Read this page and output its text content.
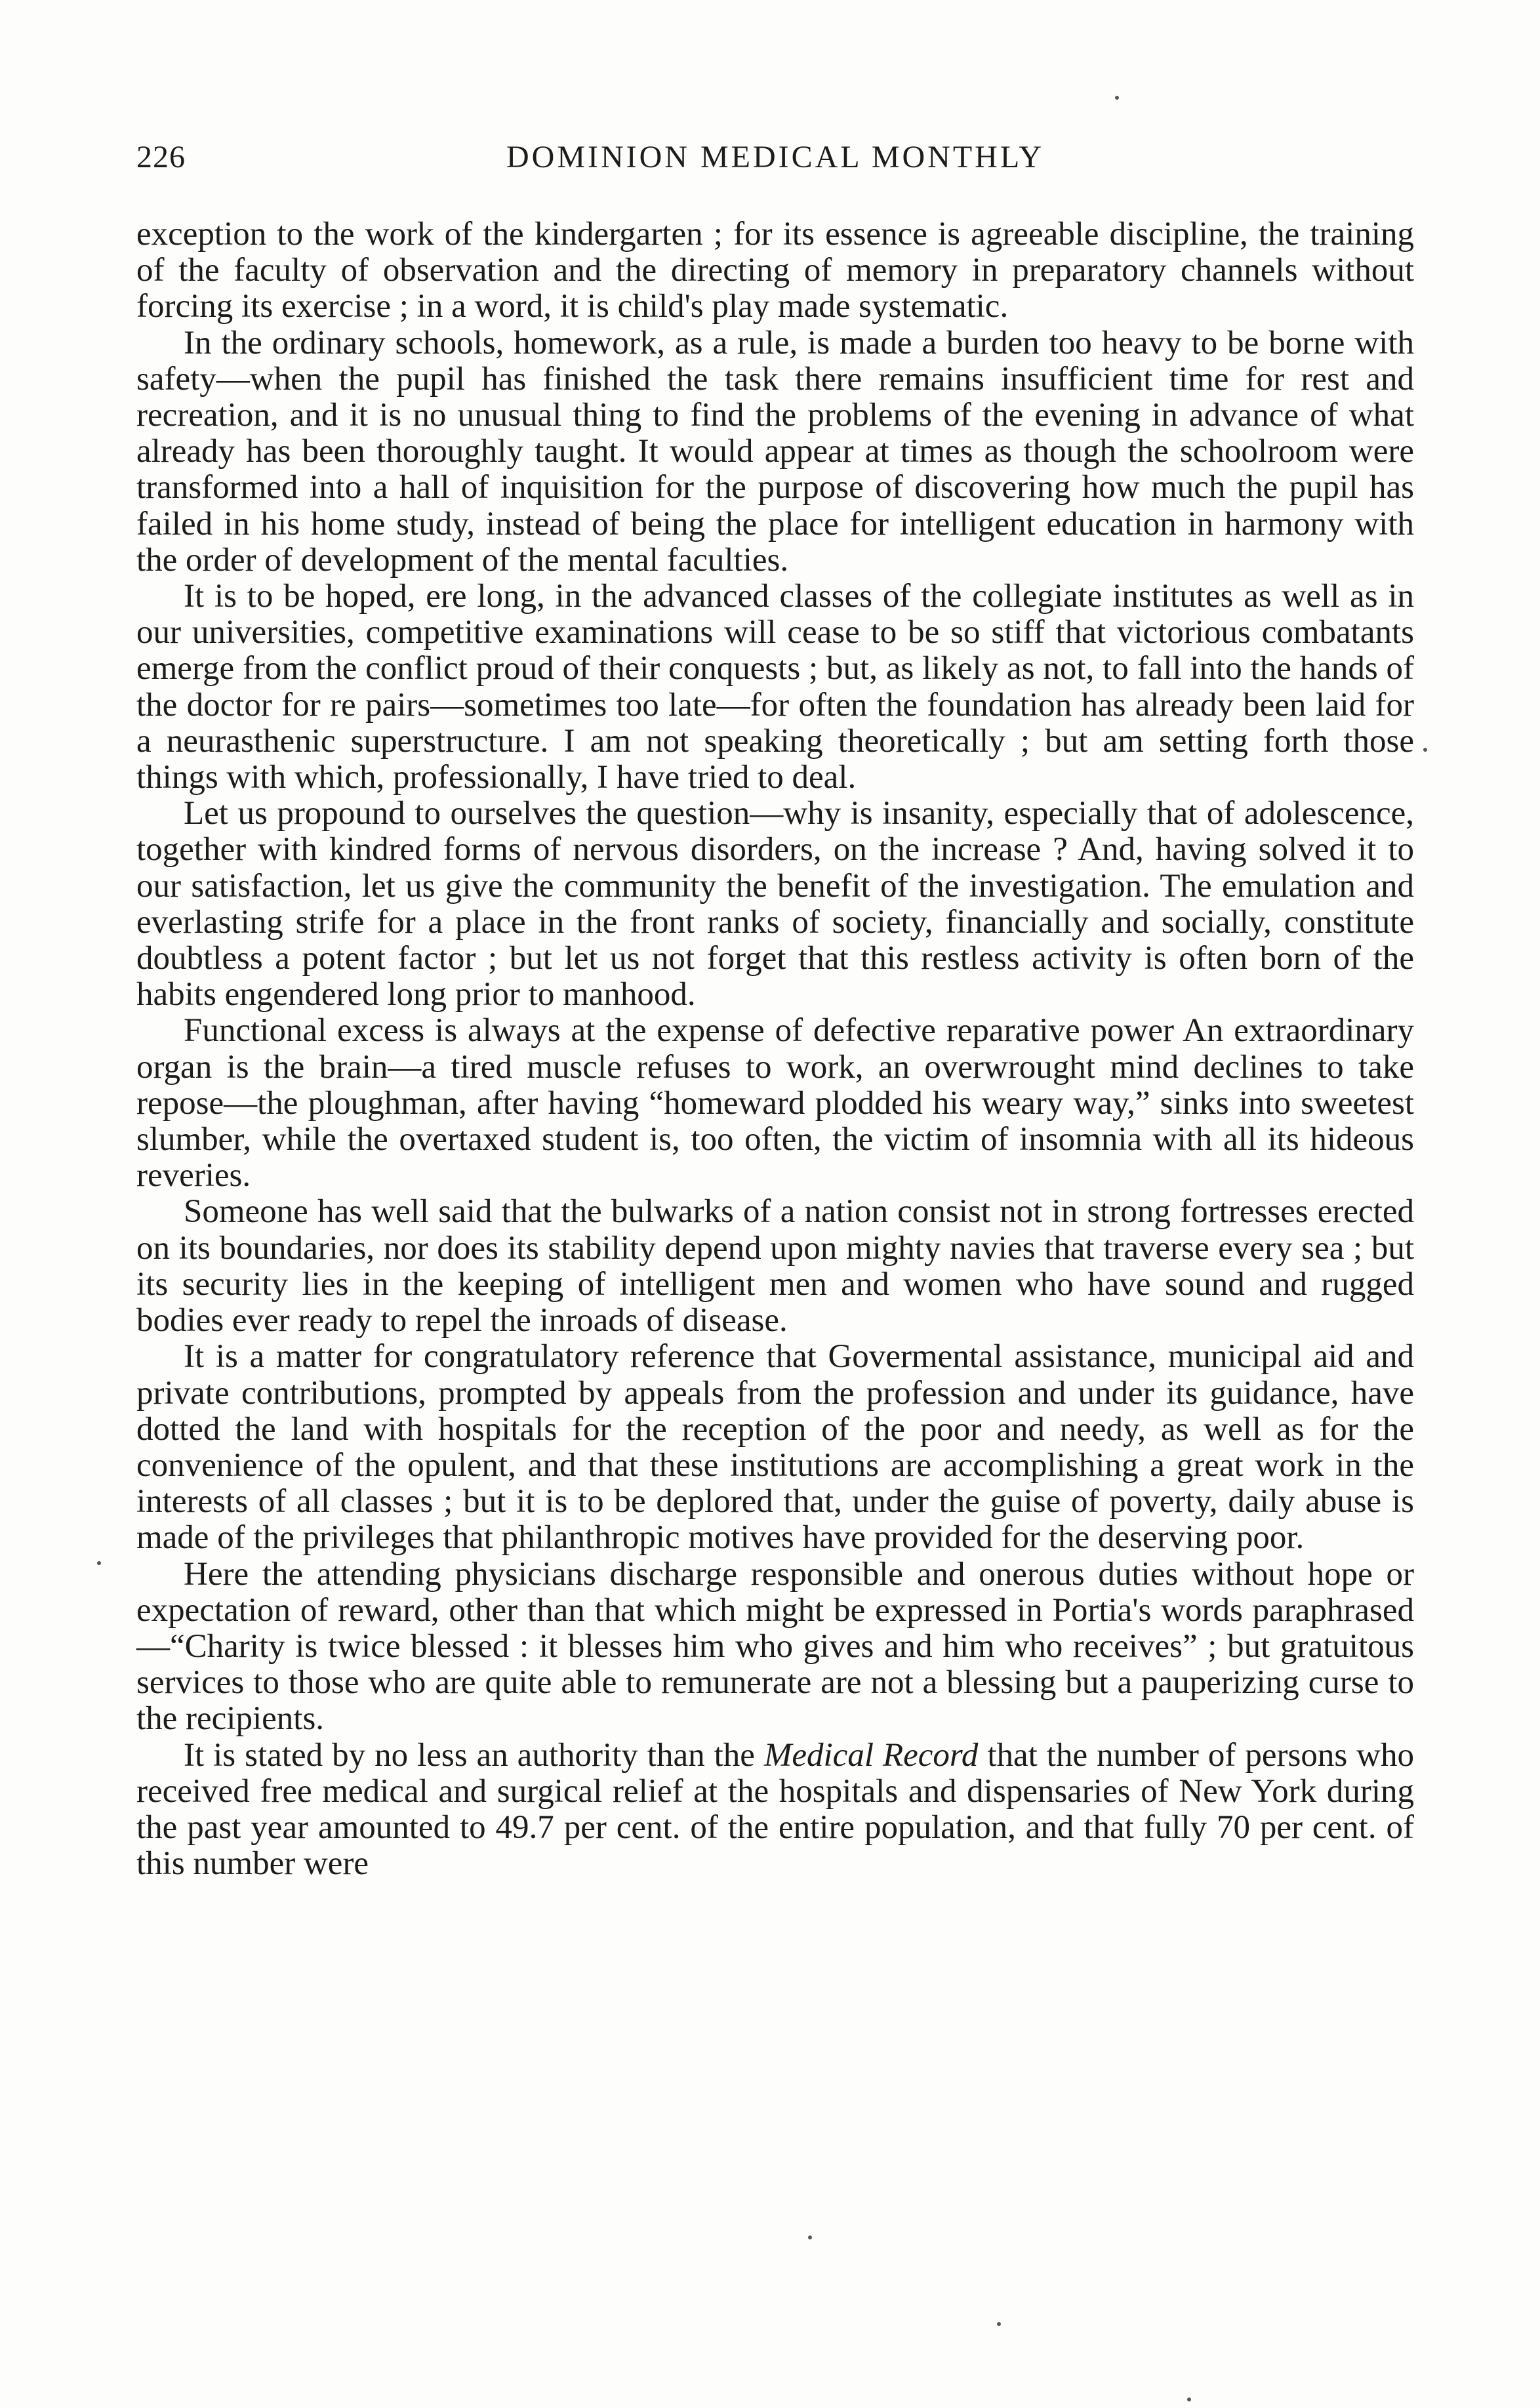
226	DOMINION MEDICAL MONTHLY

exception to the work of the kindergarten ; for its essence is agreeable discipline, the training of the faculty of observation and the directing of memory in preparatory channels without forcing its exercise ; in a word, it is child's play made systematic.

In the ordinary schools, homework, as a rule, is made a burden too heavy to be borne with safety—when the pupil has finished the task there remains insufficient time for rest and recreation, and it is no unusual thing to find the problems of the evening in advance of what already has been thoroughly taught. It would appear at times as though the schoolroom were transformed into a hall of inquisition for the purpose of discovering how much the pupil has failed in his home study, instead of being the place for intelligent education in harmony with the order of development of the mental faculties.

It is to be hoped, ere long, in the advanced classes of the collegiate institutes as well as in our universities, competitive examinations will cease to be so stiff that victorious combatants emerge from the conflict proud of their conquests ; but, as likely as not, to fall into the hands of the doctor for re pairs—sometimes too late—for often the foundation has already been laid for a neurasthenic superstructure. I am not speaking theoretically ; but am setting forth those things with which, professionally, I have tried to deal.

Let us propound to ourselves the question—why is insanity, especially that of adolescence, together with kindred forms of nervous disorders, on the increase ? And, having solved it to our satisfaction, let us give the community the benefit of the investigation. The emulation and everlasting strife for a place in the front ranks of society, financially and socially, constitute doubtless a potent factor ; but let us not forget that this restless activity is often born of the habits engendered long prior to manhood.

Functional excess is always at the expense of defective reparative power An extraordinary organ is the brain—a tired muscle refuses to work, an overwrought mind declines to take repose—the ploughman, after having “homeward plodded his weary way,” sinks into sweetest slumber, while the overtaxed student is, too often, the victim of insomnia with all its hideous reveries.

Someone has well said that the bulwarks of a nation consist not in strong fortresses erected on its boundaries, nor does its stability depend upon mighty navies that traverse every sea ; but its security lies in the keeping of intelligent men and women who have sound and rugged bodies ever ready to repel the inroads of disease.

It is a matter for congratulatory reference that Govermental assistance, municipal aid and private contributions, prompted by appeals from the profession and under its guidance, have dotted the land with hospitals for the reception of the poor and needy, as well as for the convenience of the opulent, and that these institutions are accomplishing a great work in the interests of all classes ; but it is to be deplored that, under the guise of poverty, daily abuse is made of the privileges that philanthropic motives have provided for the deserving poor.

Here the attending physicians discharge responsible and onerous duties without hope or expectation of reward, other than that which might be expressed in Portia's words paraphrased—“Charity is twice blessed : it blesses him who gives and him who receives” ; but gratuitous services to those who are quite able to remunerate are not a blessing but a pauperizing curse to the recipients.

It is stated by no less an authority than the Medical Record that the number of persons who received free medical and surgical relief at the hospitals and dispensaries of New York during the past year amounted to 49.7 per cent. of the entire population, and that fully 70 per cent. of this number were
